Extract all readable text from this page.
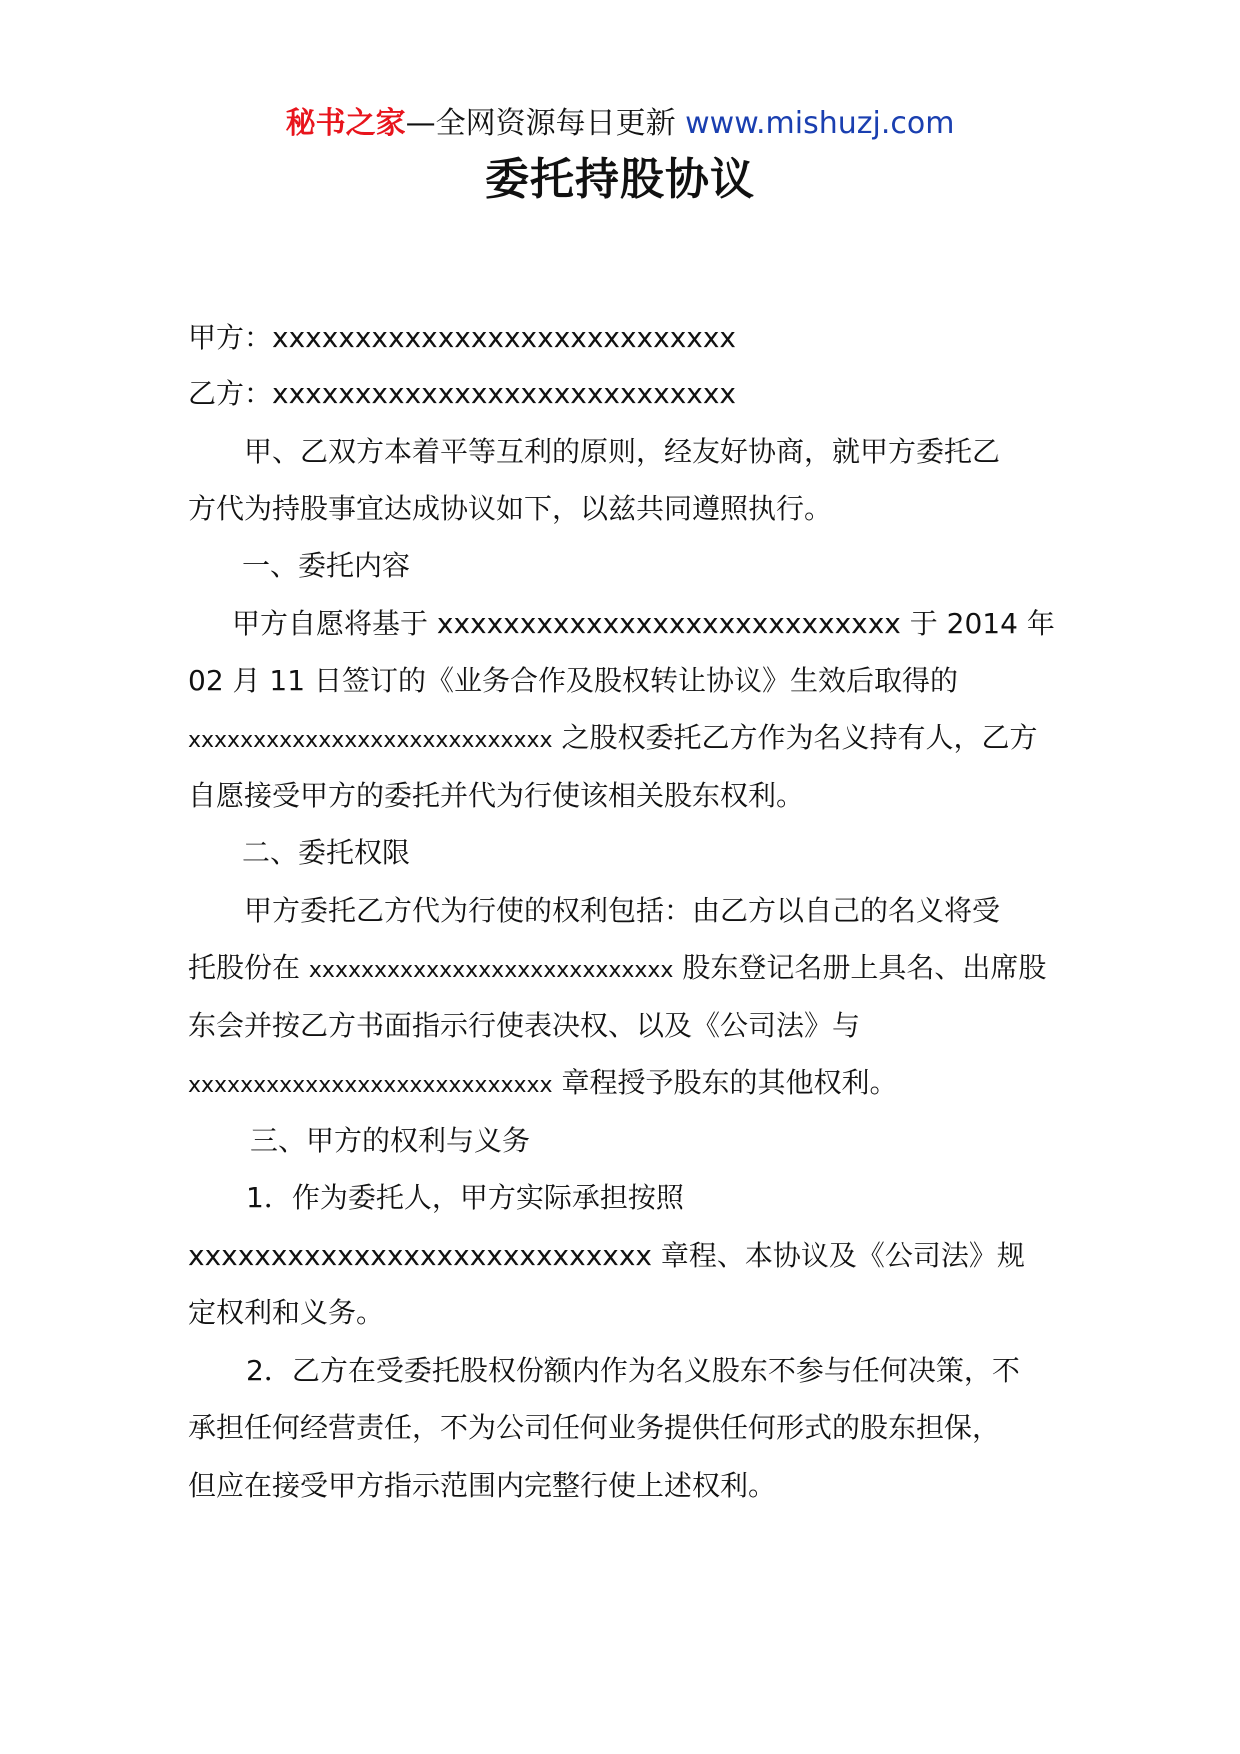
秘书之家—全网资源每日更新 www.mishuzj.com
委托持股协议
甲方：xxxxxxxxxxxxxxxxxxxxxxxxxxxx
乙方：xxxxxxxxxxxxxxxxxxxxxxxxxxxx
甲、乙双方本着平等互利的原则，经友好协商，就甲方委托乙
方代为持股事宜达成协议如下，以兹共同遵照执行。
一、委托内容
甲方自愿将基于 xxxxxxxxxxxxxxxxxxxxxxxxxxxx 于 2014 年
02 月 11 日签订的《业务合作及股权转让协议》生效后取得的
xxxxxxxxxxxxxxxxxxxxxxxxxxxx 之股权委托乙方作为名义持有人，乙方
自愿接受甲方的委托并代为行使该相关股东权利。
二、委托权限
甲方委托乙方代为行使的权利包括：由乙方以自己的名义将受
托股份在 xxxxxxxxxxxxxxxxxxxxxxxxxxxx 股东登记名册上具名、出席股
东会并按乙方书面指示行使表决权、以及《公司法》与
xxxxxxxxxxxxxxxxxxxxxxxxxxxx 章程授予股东的其他权利。
三、甲方的权利与义务
1．作为委托人，甲方实际承担按照
xxxxxxxxxxxxxxxxxxxxxxxxxxxx 章程、本协议及《公司法》规
定权利和义务。
2．乙方在受委托股权份额内作为名义股东不参与任何决策，不
承担任何经营责任，不为公司任何业务提供任何形式的股东担保，
但应在接受甲方指示范围内完整行使上述权利。
